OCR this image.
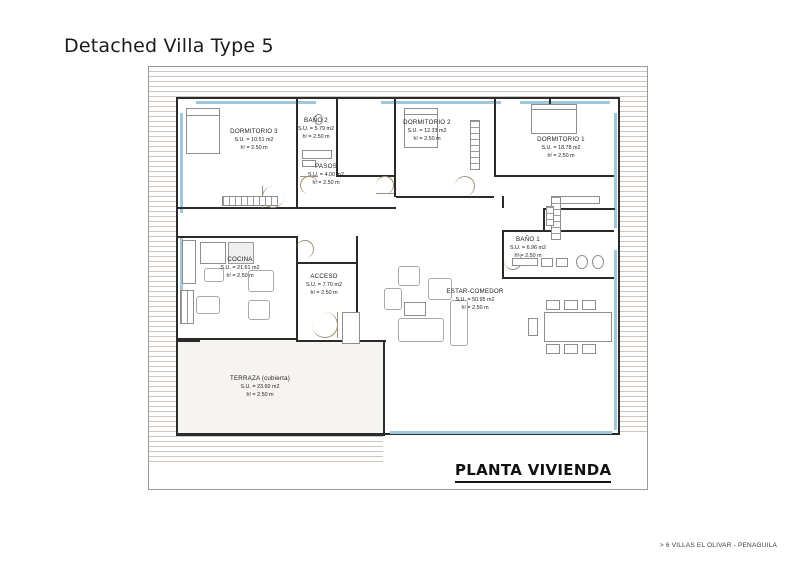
Detached Villa Type 5
DORMITORIO 3
S.U. = 10.51 m2
h! = 2.50 m
BAÑO 2
S.U. = 5.79 m2
h! = 2.50 m
DORMITORIO 2
S.U. = 12.33 m2
h! = 2.50 m	DORMITORIO 1
S.U. = 18.78 m2
h! = 2.50 m
PASOS
S.U. = 4.00 m2
h! = 2.50 m
BAÑO 1
S.U. = 6.96 m2
h! = 2.50 m
COCINA
S.U. = 21.61 m2
h! = 2.50 m	ACCESO
S.U. = 7.70 m2
h! = 2.50 m	ESTAR-COMEDOR
S.U. = 50.95 m2
h! = 2.50 m
TERRAZA (cubierta)
S.U. = 23.60 m2
h! = 2.50 m
PLANTA VIVIENDA
> 6 VILLAS EL OLIVAR - PENAGUILA
